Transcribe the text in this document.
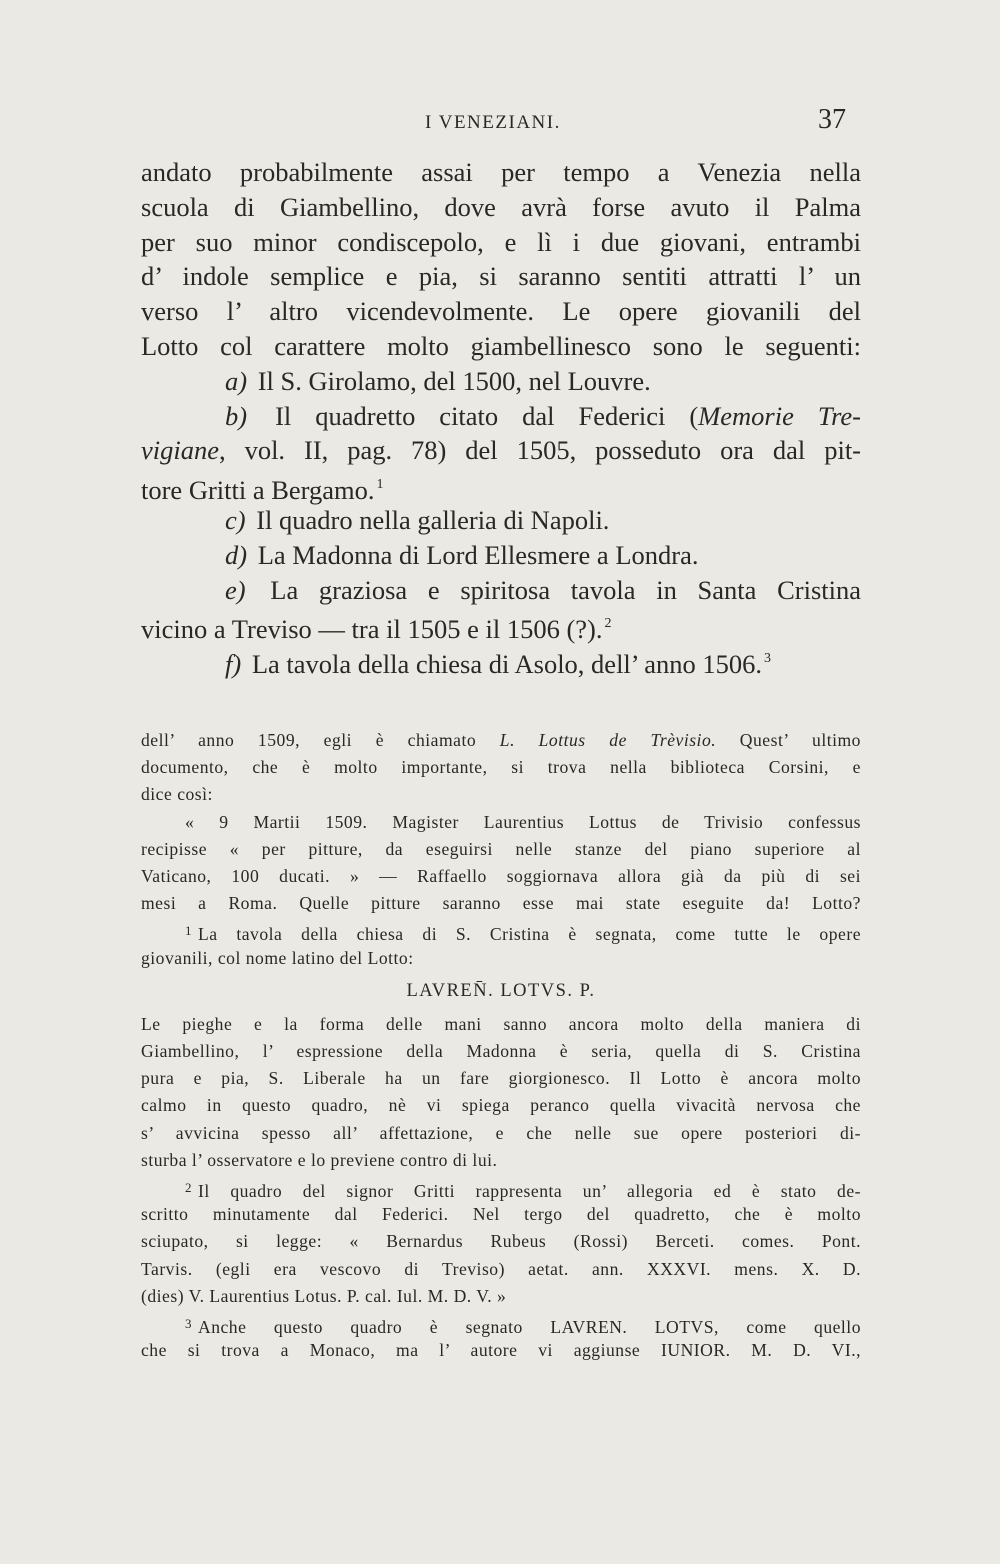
I VENEZIANI.	37
andato probabilmente assai per tempo a Venezia nella
scuola di Giambellino, dove avrà forse avuto il Palma
per suo minor condiscepolo, e lì i due giovani, entrambi
d’ indole semplice e pia, si saranno sentiti attratti l’ un
verso l’ altro vicendevolmente. Le opere giovanili del
Lotto col carattere molto giambellinesco sono le seguenti:
a) Il S. Girolamo, del 1500, nel Louvre.
b) Il quadretto citato dal Federici (Memorie Tre-
vigiane, vol. II, pag. 78) del 1505, posseduto ora dal pit-
tore Gritti a Bergamo. $^1$
c) Il quadro nella galleria di Napoli.
d) La Madonna di Lord Ellesmere a Londra.
e) La graziosa e spiritosa tavola in Santa Cristina
vicino a Treviso — tra il 1505 e il 1506 (?). $^2$
f) La tavola della chiesa di Asolo, dell’ anno 1506. $^3$
dell’ anno 1509, egli è chiamato L. Lottus de Trèvisio. Quest’ ultimo
documento, che è molto importante, si trova nella biblioteca Corsini, e
dice così:
« 9 Martii 1509. Magister Laurentius Lottus de Trivisio confessus
recipisse « per pitture, da eseguirsi nelle stanze del piano superiore al
Vaticano, 100 ducati. » — Raffaello soggiornava allora già da più di sei
mesi a Roma. Quelle pitture saranno esse mai state eseguite da! Lotto?
$^1$ La tavola della chiesa di S. Cristina è segnata, come tutte le opere
giovanili, col nome latino del Lotto:
LAVREN̄. LOTVS. P.
Le pieghe e la forma delle mani sanno ancora molto della maniera di
Giambellino, l’ espressione della Madonna è seria, quella di S. Cristina
pura e pia, S. Liberale ha un fare giorgionesco. Il Lotto è ancora molto
calmo in questo quadro, nè vi spiega peranco quella vivacità nervosa che
s’ avvicina spesso all’ affettazione, e che nelle sue opere posteriori di-
sturba l’ osservatore e lo previene contro di lui.
$^2$ Il quadro del signor Gritti rappresenta un’ allegoria ed è stato de-
scritto minutamente dal Federici. Nel tergo del quadretto, che è molto
sciupato, si legge: « Bernardus Rubeus (Rossi) Berceti. comes. Pont.
Tarvis. (egli era vescovo di Treviso) aetat. ann. XXXVI. mens. X. D.
(dies) V. Laurentius Lotus. P. cal. Iul. M. D. V. »
$^3$ Anche questo quadro è segnato LAVREN. LOTVS, come quello
che si trova a Monaco, ma l’ autore vi aggiunse IUNIOR. M. D. VI.,
